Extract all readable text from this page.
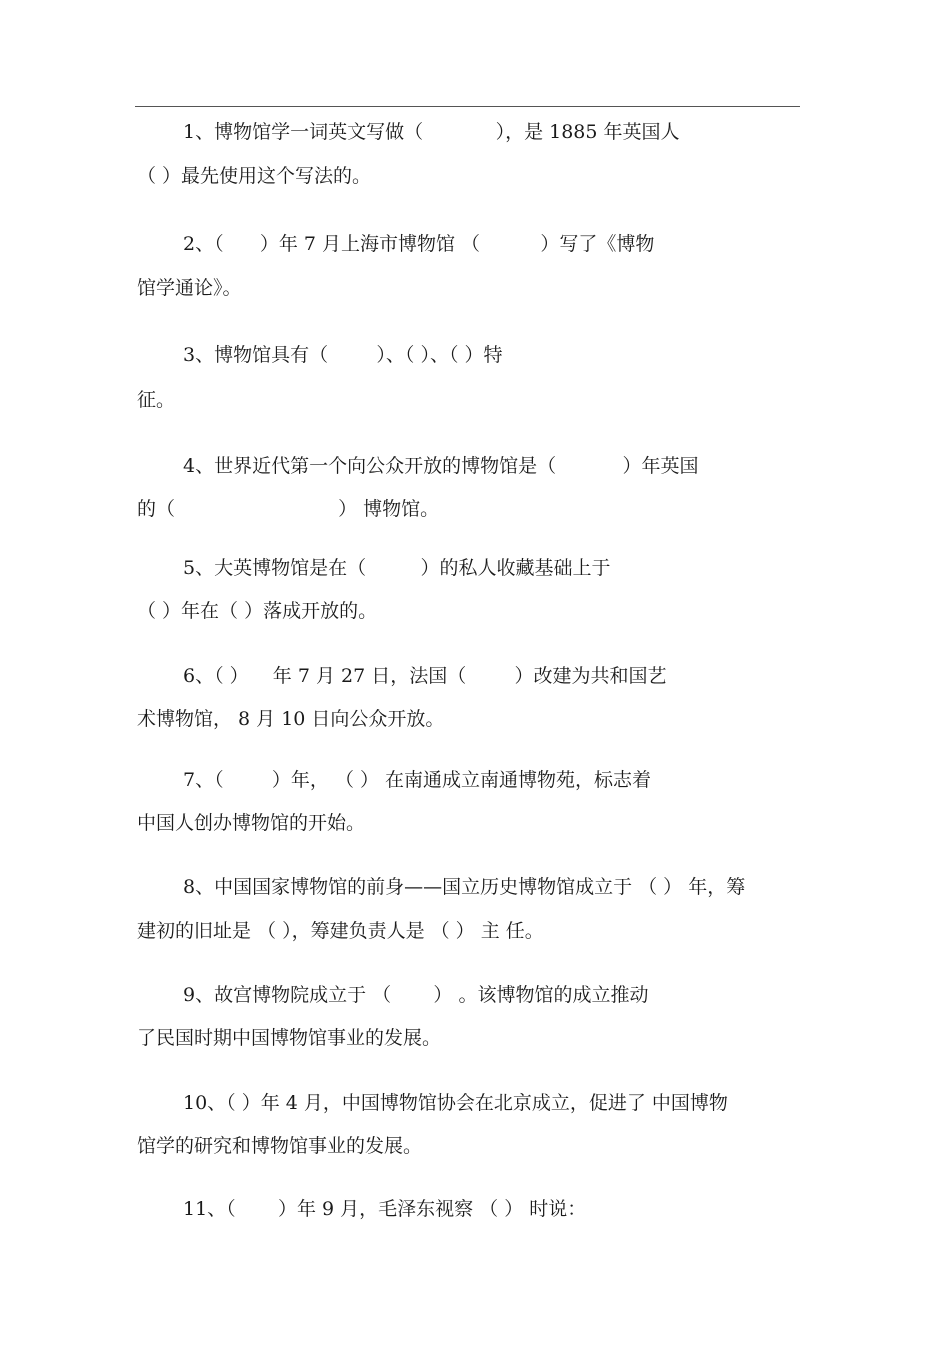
1、博物馆学一词英文写做（            ），是 1885 年英国人
（ ）最先使用这个写法的。
2、（      ）年 7 月上海市博物馆 （          ）写了《博物
馆学通论》。
3、博物馆具有（        ）、（ ）、（ ）特
征。
4、世界近代第一个向公众开放的博物馆是（           ）年英国
的（                           ） 博物馆。
5、大英博物馆是在（         ）的私人收藏基础上于
（ ）年在（ ）落成开放的。
6、（ ）    年 7 月 27 日，法国（        ）改建为共和国艺
术博物馆， 8 月 10 日向公众开放。
7、（        ）年， （ ） 在南通成立南通博物苑，标志着
中国人创办博物馆的开始。
8、中国国家博物馆的前身——国立历史博物馆成立于 （ ） 年，筹
建初的旧址是 （ ），筹建负责人是 （ ） 主 任。
9、故宫博物院成立于 （       ） 。该博物馆的成立推动
了民国时期中国博物馆事业的发展。
10、（ ）年 4 月，中国博物馆协会在北京成立，促进了 中国博物
馆学的研究和博物馆事业的发展。
11、（       ）年 9 月，毛泽东视察 （ ） 时说：
